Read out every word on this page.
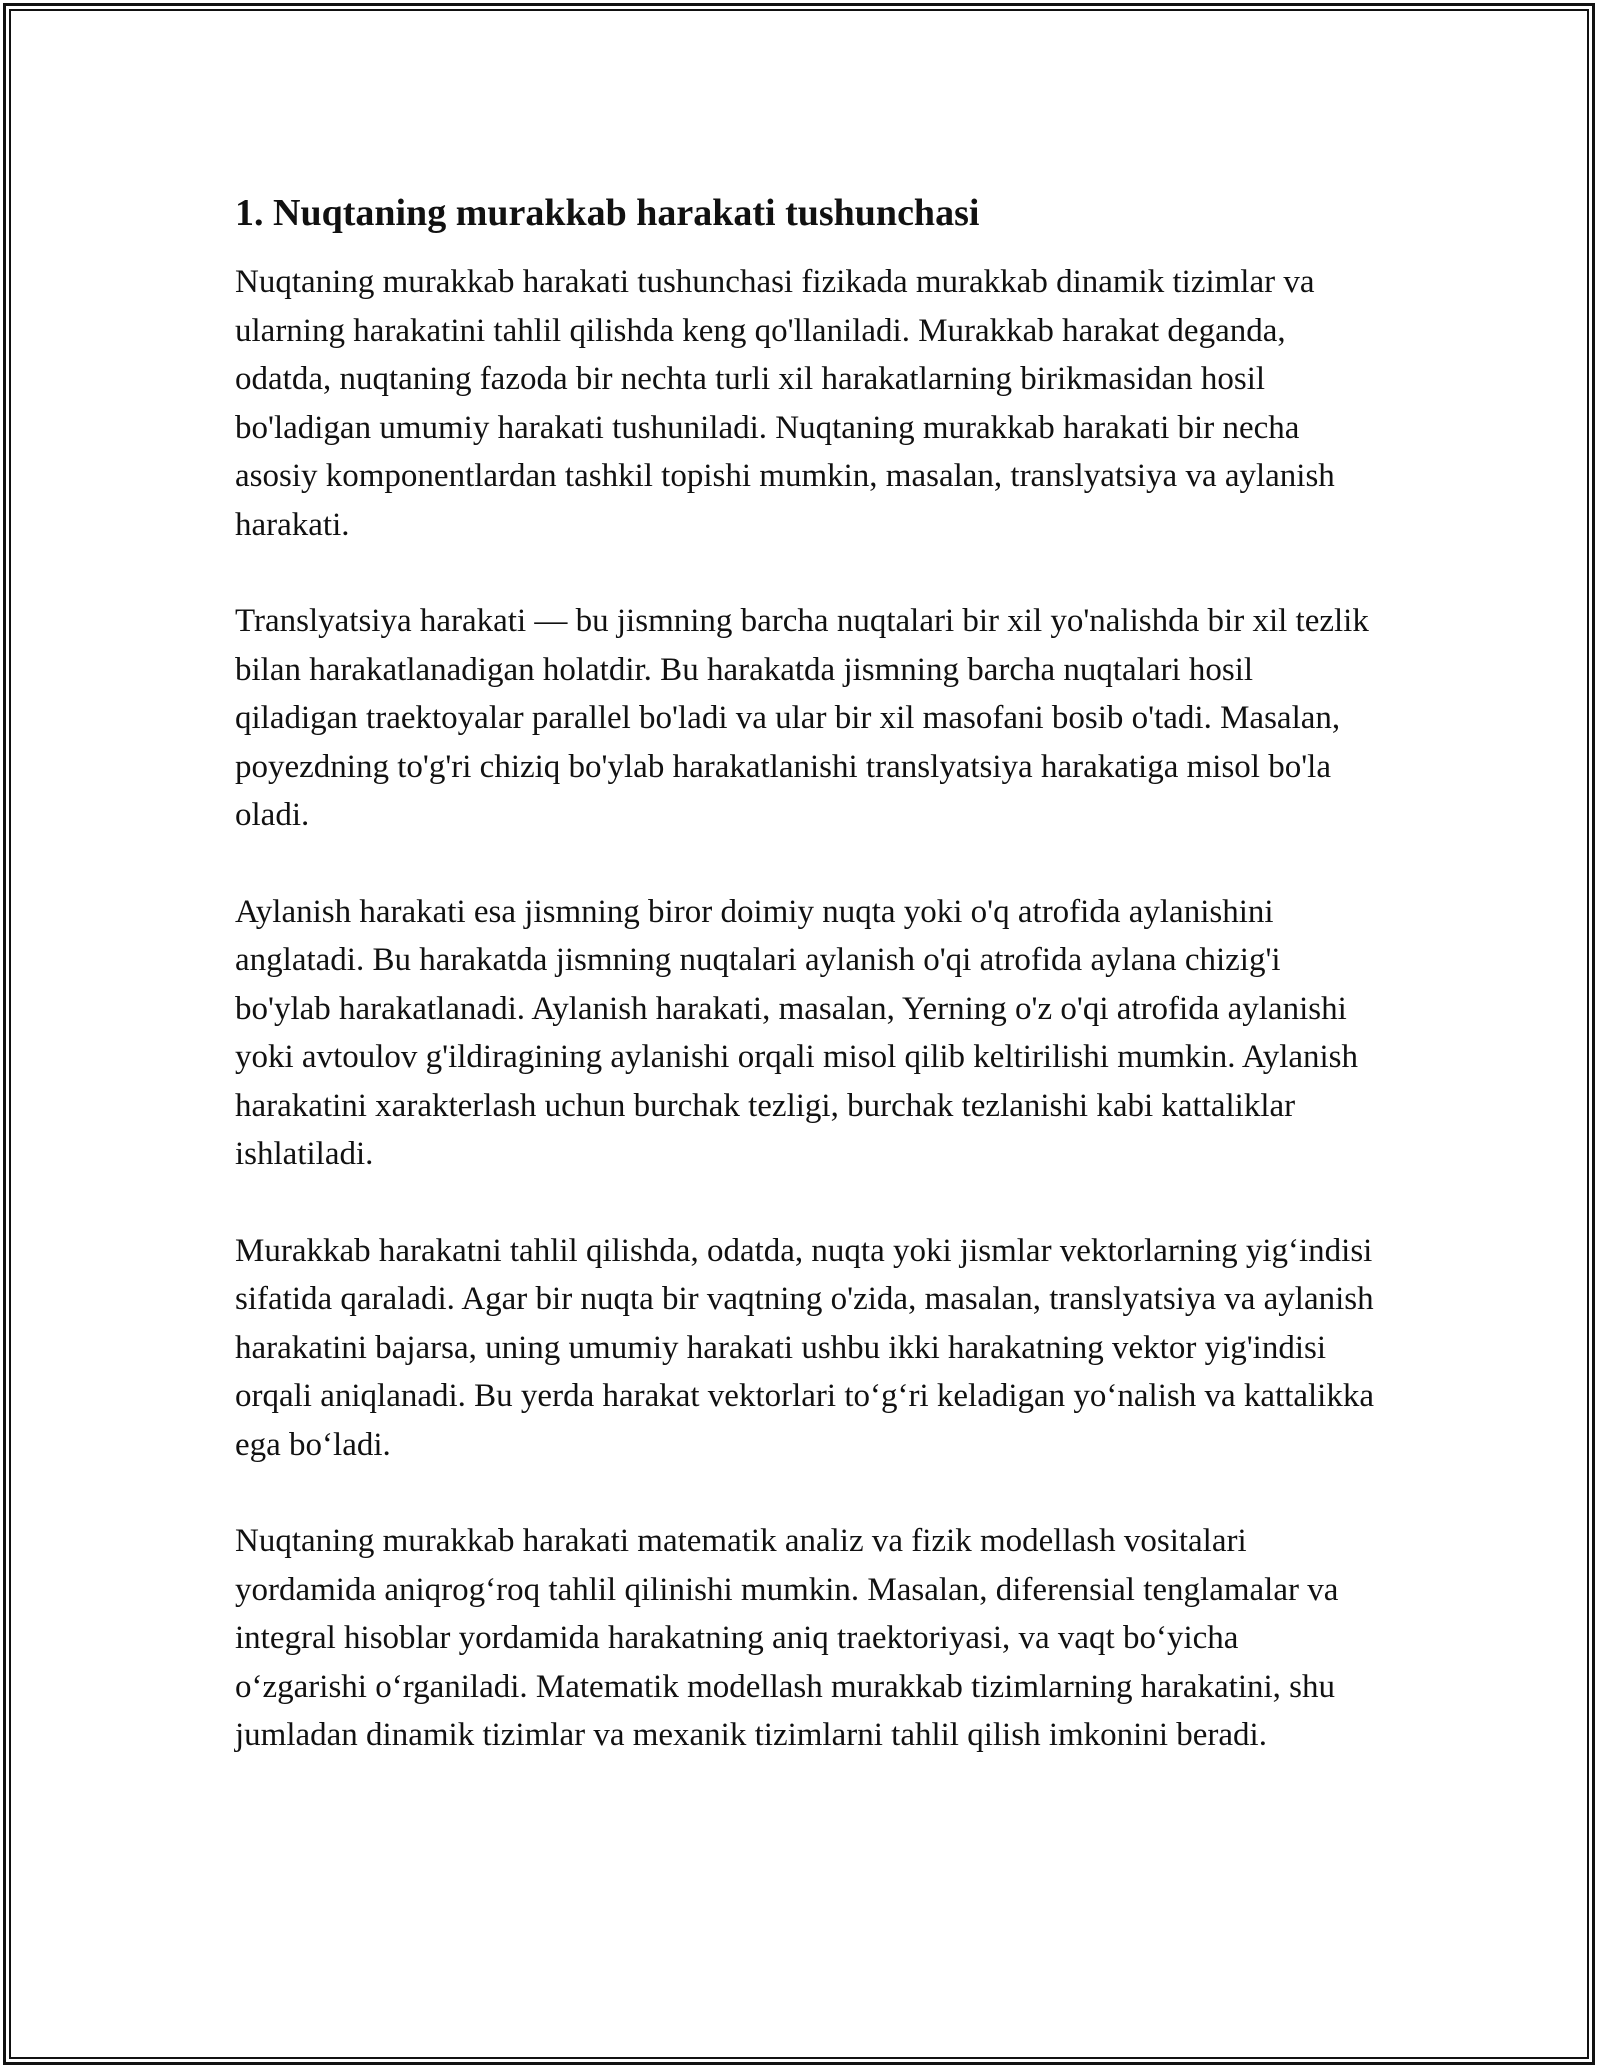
1. Nuqtaning murakkab harakati tushunchasi

Nuqtaning murakkab harakati tushunchasi fizikada murakkab dinamik tizimlar va ularning harakatini tahlil qilishda keng qo'llaniladi. Murakkab harakat deganda, odatda, nuqtaning fazoda bir nechta turli xil harakatlarning birikmasidan hosil bo'ladigan umumiy harakati tushuniladi. Nuqtaning murakkab harakati bir necha asosiy komponentlardan tashkil topishi mumkin, masalan, translyatsiya va aylanish harakati.

Translyatsiya harakati — bu jismning barcha nuqtalari bir xil yo'nalishda bir xil tezlik bilan harakatlanadigan holatdir. Bu harakatda jismning barcha nuqtalari hosil qiladigan traektoyalar parallel bo'ladi va ular bir xil masofani bosib o'tadi. Masalan, poyezdning to'g'ri chiziq bo'ylab harakatlanishi translyatsiya harakatiga misol bo'la oladi.

Aylanish harakati esa jismning biror doimiy nuqta yoki o'q atrofida aylanishini anglatadi. Bu harakatda jismning nuqtalari aylanish o'qi atrofida aylana chizig'i bo'ylab harakatlanadi. Aylanish harakati, masalan, Yerning o'z o'qi atrofida aylanishi yoki avtoulov g'ildiragining aylanishi orqali misol qilib keltirilishi mumkin. Aylanish harakatini xarakterlash uchun burchak tezligi, burchak tezlanishi kabi kattaliklar ishlatiladi.

Murakkab harakatni tahlil qilishda, odatda, nuqta yoki jismlar vektorlarning yig‘indisi sifatida qaraladi. Agar bir nuqta bir vaqtning o'zida, masalan, translyatsiya va aylanish harakatini bajarsa, uning umumiy harakati ushbu ikki harakatning vektor yig'indisi orqali aniqlanadi. Bu yerda harakat vektorlari to‘g‘ri keladigan yo‘nalish va kattalikka ega bo‘ladi.

Nuqtaning murakkab harakati matematik analiz va fizik modellash vositalari yordamida aniqrog‘roq tahlil qilinishi mumkin. Masalan, diferensial tenglamalar va integral hisoblar yordamida harakatning aniq traektoriyasi, va vaqt bo‘yicha o‘zgarishi o‘rganiladi. Matematik modellash murakkab tizimlarning harakatini, shu jumladan dinamik tizimlar va mexanik tizimlarni tahlil qilish imkonini beradi.
